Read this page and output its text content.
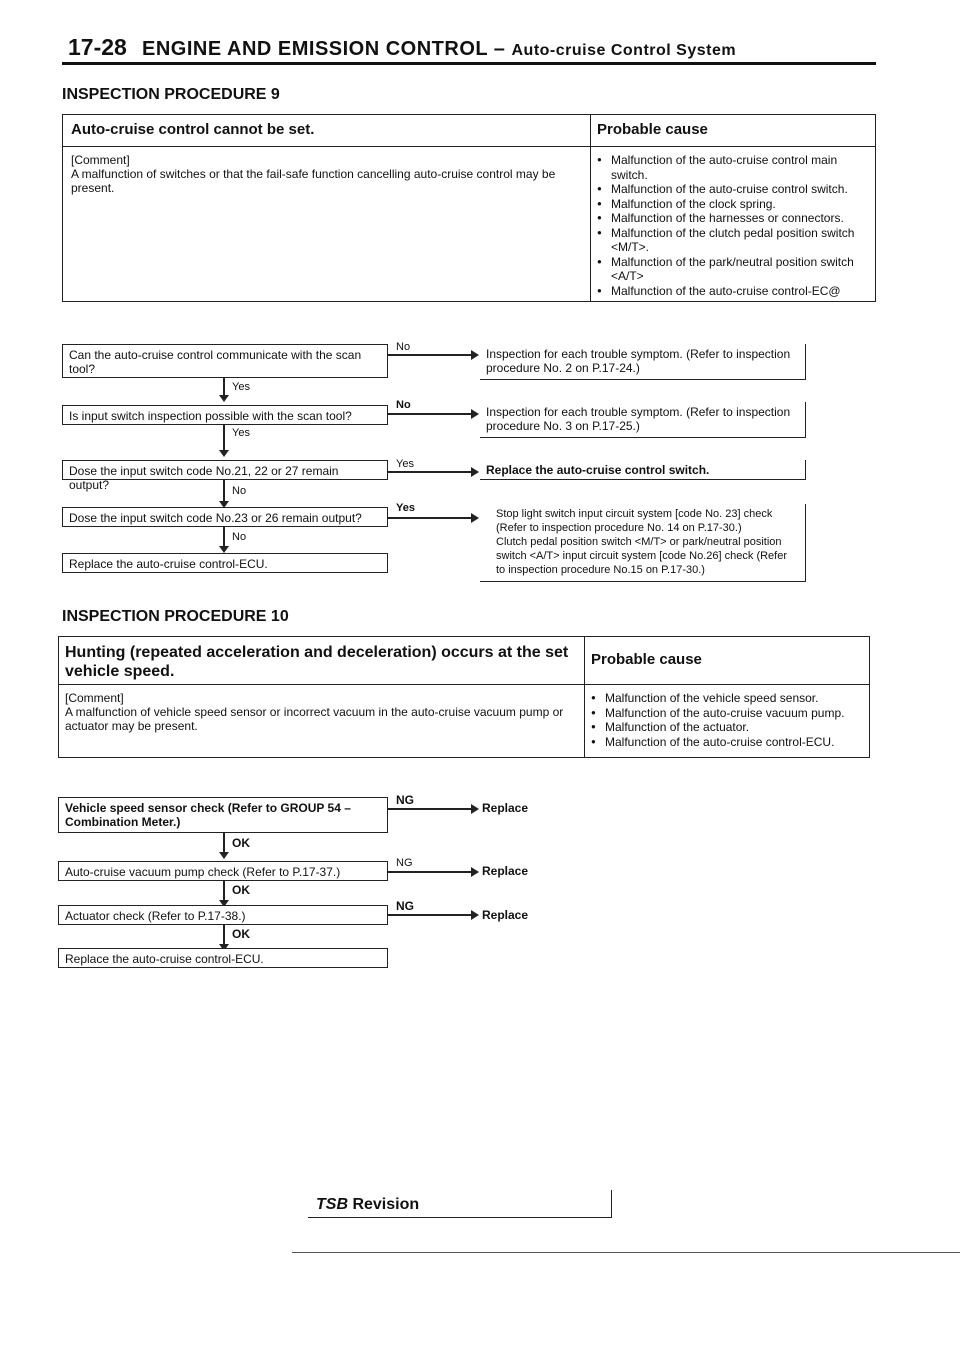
17-28 ENGINE AND EMISSION CONTROL – Auto-cruise Control System
INSPECTION PROCEDURE 9
Auto-cruise control cannot be set.	Probable cause
[Comment]
A malfunction of switches or that the fail-safe function cancelling auto-cruise control may be present.
● Malfunction of the auto-cruise control main switch.
● Malfunction of the auto-cruise control switch.
● Malfunction of the clock spring.
● Malfunction of the harnesses or connectors.
● Malfunction of the clutch pedal position switch <M/T>.
● Malfunction of the park/neutral position switch <A/T>
● Malfunction of the auto-cruise control-EC@
Can the auto-cruise control communicate with the scan tool?
No	Inspection for each trouble symptom. (Refer to inspection procedure No. 2 on P.17-24.)
Yes
Is input switch inspection possible with the scan tool?
No	Inspection for each trouble symptom. (Refer to inspection procedure No. 3 on P.17-25.)
Yes
Dose the input switch code No.21, 22 or 27 remain output?
Yes	Replace the auto-cruise control switch.
No
Dose the input switch code No.23 or 26 remain output?
Yes	Stop light switch input circuit system [code No. 23] check (Refer to inspection procedure No. 14 on P.17-30.)
Clutch pedal position switch <M/T> or park/neutral position switch <A/T> input circuit system [code No.26] check (Refer to inspection procedure No.15 on P.17-30.)
No
Replace the auto-cruise control-ECU.
INSPECTION PROCEDURE 10
Hunting (repeated acceleration and deceleration) occurs at the set vehicle speed.
Probable cause
[Comment]
A malfunction of vehicle speed sensor or incorrect vacuum in the auto-cruise vacuum pump or actuator may be present.
● Malfunction of the vehicle speed sensor.
● Malfunction of the auto-cruise vacuum pump.
● Malfunction of the actuator.
● Malfunction of the auto-cruise control-ECU.
Vehicle speed sensor check (Refer to GROUP 54 – Combination Meter.)
NG
Replace
OK
Auto-cruise vacuum pump check (Refer to P.17-37.)
NG
Replace
OK
Actuator check (Refer to P.17-38.)
NG
Replace
OK
Replace the auto-cruise control-ECU.
TSB Revision
